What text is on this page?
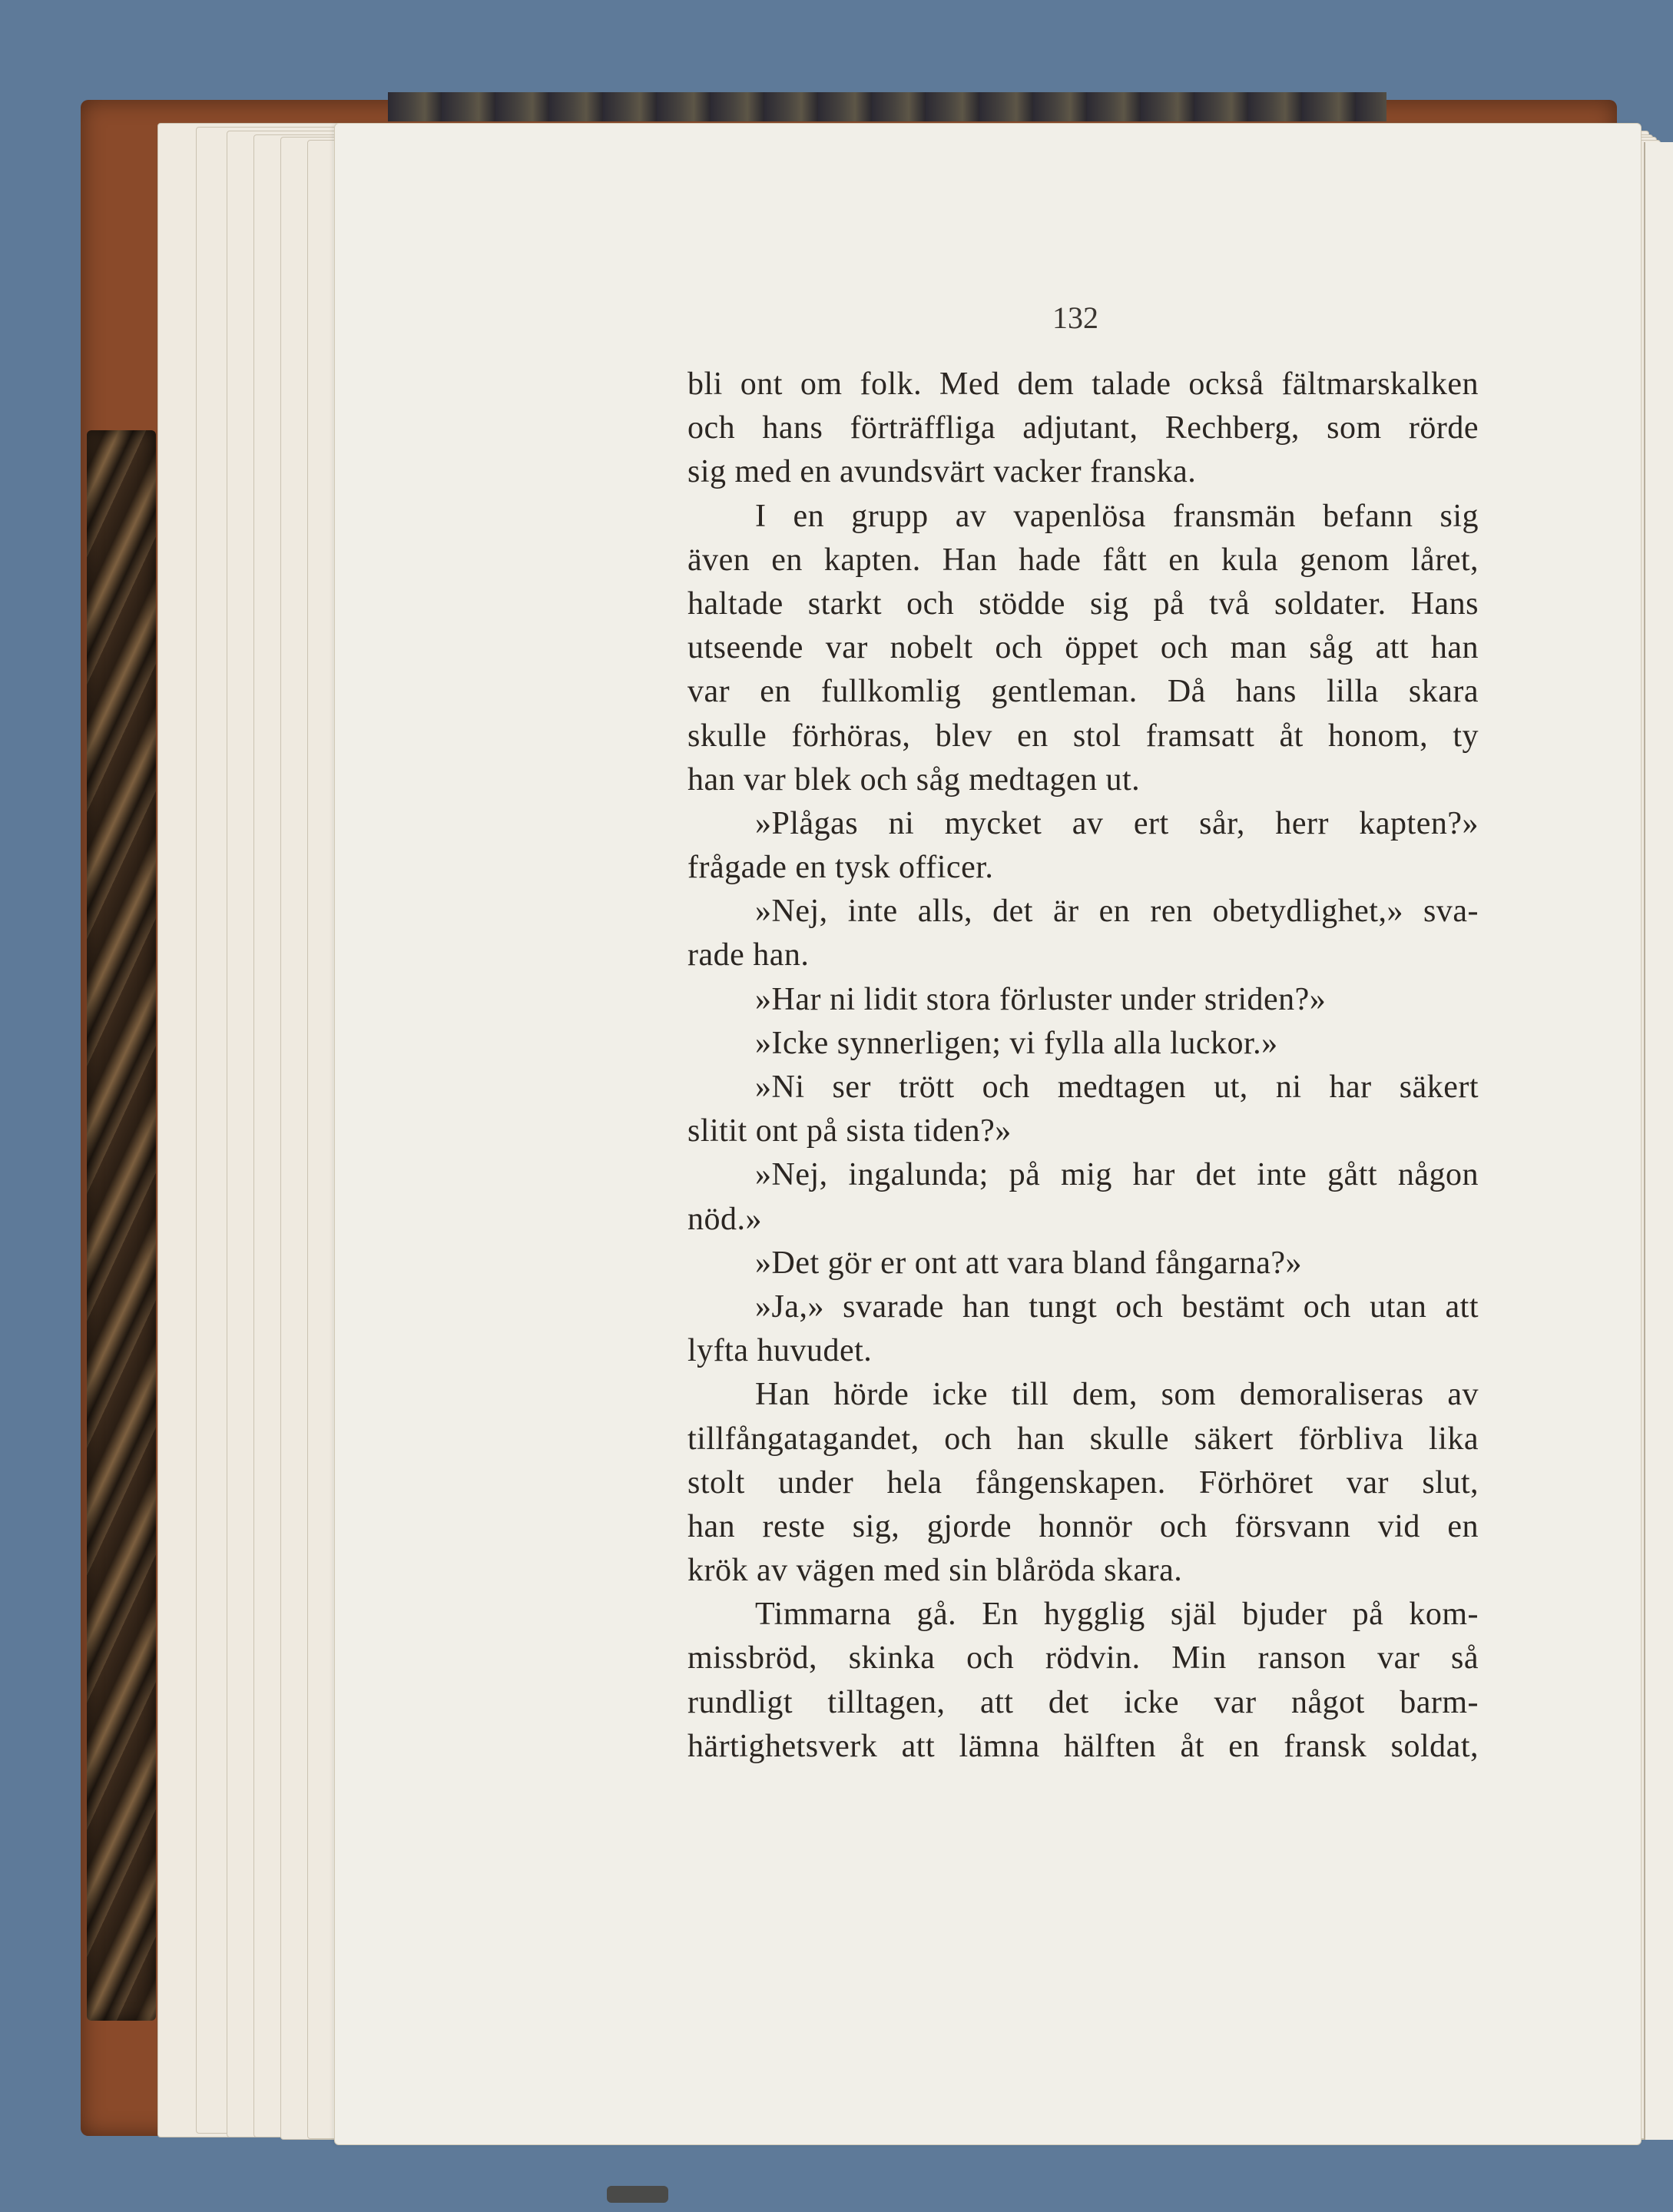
132
bli ont om folk. Med dem talade också fältmarskalken
och hans förträffliga adjutant, Rechberg, som rörde
sig med en avundsvärt vacker franska.
I en grupp av vapenlösa fransmän befann sig
även en kapten. Han hade fått en kula genom låret,
haltade starkt och stödde sig på två soldater. Hans
utseende var nobelt och öppet och man såg att han
var en fullkomlig gentleman. Då hans lilla skara
skulle förhöras, blev en stol framsatt åt honom, ty
han var blek och såg medtagen ut.
»Plågas ni mycket av ert sår, herr kapten?»
frågade en tysk officer.
»Nej, inte alls, det är en ren obetydlighet,» sva-
rade han.
»Har ni lidit stora förluster under striden?»
»Icke synnerligen; vi fylla alla luckor.»
»Ni ser trött och medtagen ut, ni har säkert
slitit ont på sista tiden?»
»Nej, ingalunda; på mig har det inte gått någon
nöd.»
»Det gör er ont att vara bland fångarna?»
»Ja,» svarade han tungt och bestämt och utan att
lyfta huvudet.
Han hörde icke till dem, som demoraliseras av
tillfångatagandet, och han skulle säkert förbliva lika
stolt under hela fångenskapen. Förhöret var slut,
han reste sig, gjorde honnör och försvann vid en
krök av vägen med sin blåröda skara.
Timmarna gå. En hygglig själ bjuder på kom-
missbröd, skinka och rödvin. Min ranson var så
rundligt tilltagen, att det icke var något barm-
härtighetsverk att lämna hälften åt en fransk soldat,
